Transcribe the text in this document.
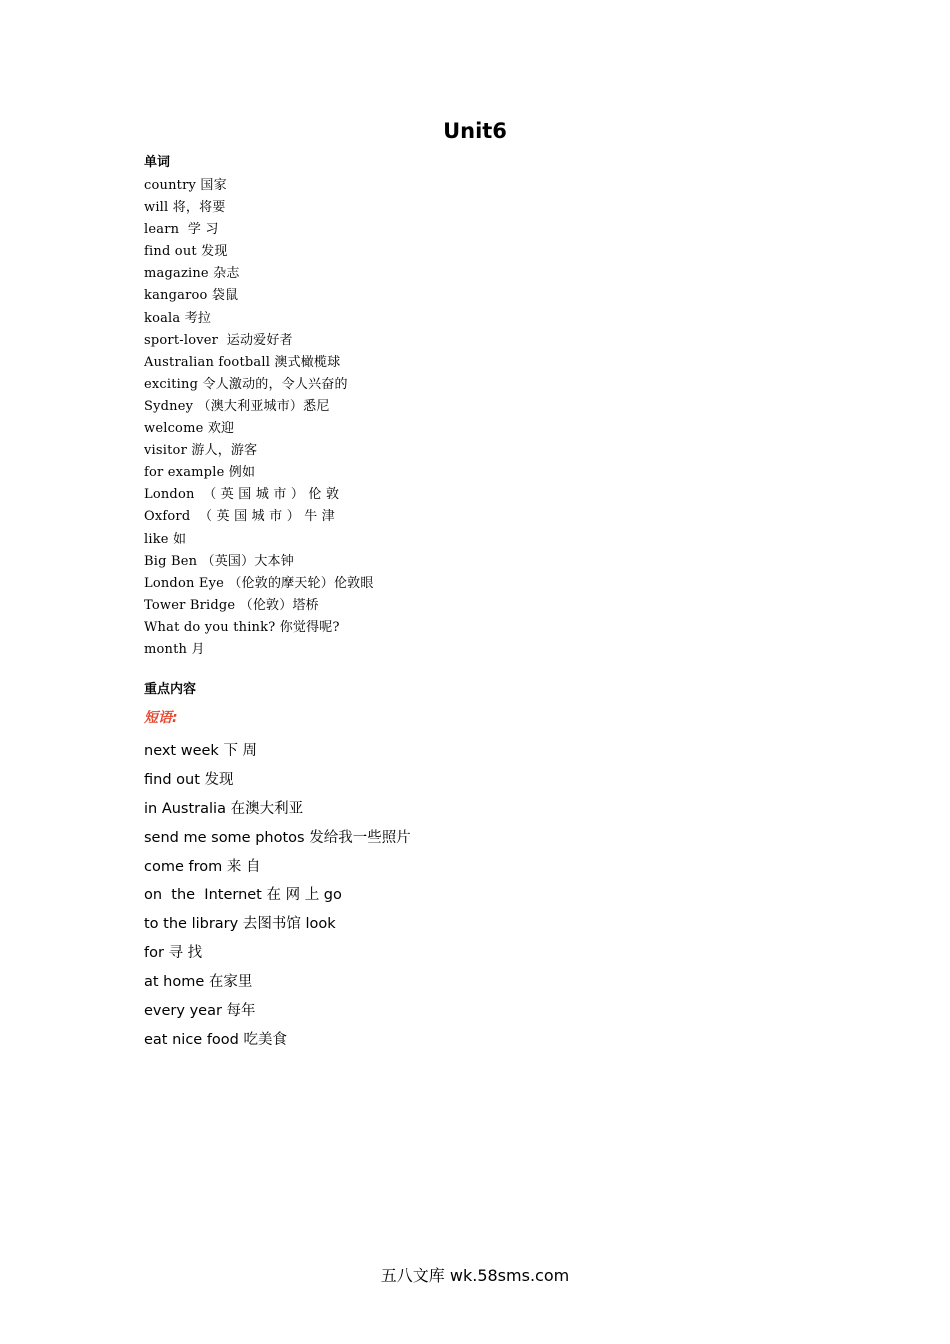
Unit6
单词
country 国家
will 将，将要
learn  学 习
find out 发现
magazine 杂志
kangaroo 袋鼠
koala 考拉
sport-lover  运动爱好者
Australian football 澳式橄榄球
exciting 令人激动的，令人兴奋的
Sydney （澳大利亚城市）悉尼
welcome 欢迎
visitor 游人，游客
for example 例如
London  （ 英 国 城 市 ） 伦 敦
Oxford  （ 英 国 城 市 ） 牛 津
like 如
Big Ben （英国）大本钟
London Eye （伦敦的摩天轮）伦敦眼
Tower Bridge （伦敦）塔桥
What do you think? 你觉得呢?
month 月
重点内容
短语:
next week 下 周
find out 发现
in Australia 在澳大利亚
send me some photos 发给我一些照片
come from 来 自
on  the  Internet 在 网 上 go
to the library 去图书馆 look
for 寻 找
at home 在家里
every year 每年
eat nice food 吃美食
五八文库 wk.58sms.com
